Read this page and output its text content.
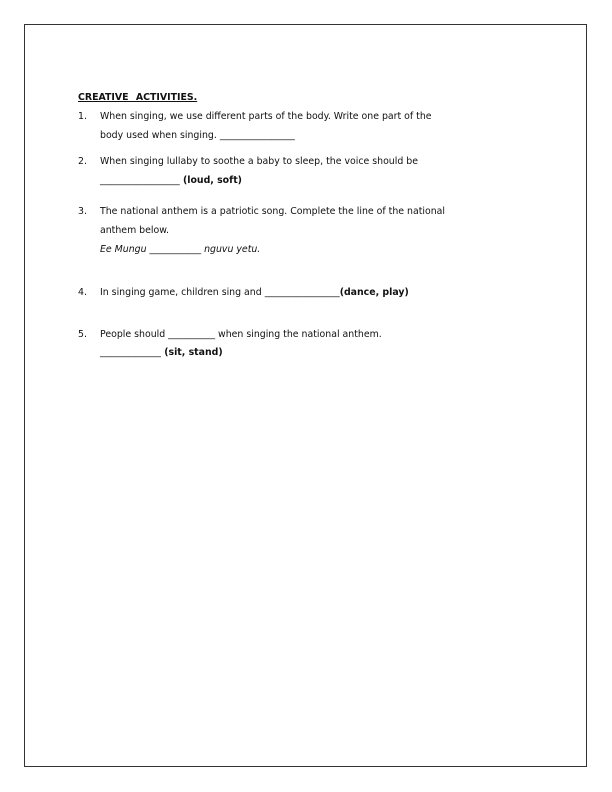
CREATIVE ACTIVITIES.
1. When singing, we use different parts of the body. Write one part of the
body used when singing. ________________
2. When singing lullaby to soothe a baby to sleep, the voice should be
_________________ (loud, soft)
3. The national anthem is a patriotic song. Complete the line of the national
anthem below.
Ee Mungu ___________ nguvu yetu.
4. In singing game, children sing and ________________(dance, play)
5. People should __________ when singing the national anthem.
_____________ (sit, stand)
